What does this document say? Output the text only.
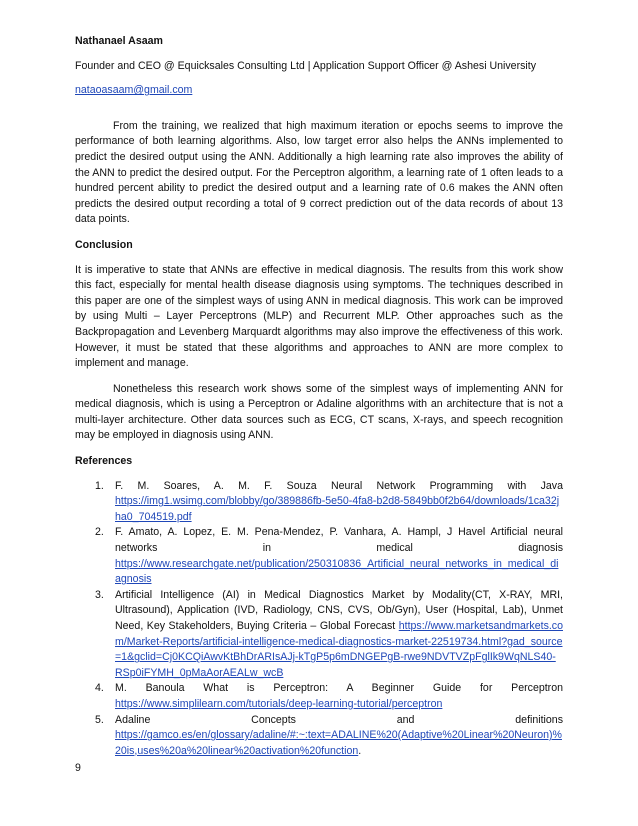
Nathanael Asaam
Founder and CEO @ Equicksales Consulting Ltd | Application Support Officer @ Ashesi University
nataoasaam@gmail.com

From the training, we realized that high maximum iteration or epochs seems to improve the performance of both learning algorithms. Also, low target error also helps the ANNs implemented to predict the desired output using the ANN. Additionally a high learning rate also improves the ability of the ANN to predict the desired output. For the Perceptron algorithm, a learning rate of 1 often leads to a hundred percent ability to predict the desired output and a learning rate of 0.6 makes the ANN often predicts the desired output recording a total of 9 correct prediction out of the data records of about 13 data points.

Conclusion

It is imperative to state that ANNs are effective in medical diagnosis. The results from this work show this fact, especially for mental health disease diagnosis using symptoms. The techniques described in this paper are one of the simplest ways of using ANN in medical diagnosis. This work can be improved by using Multi – Layer Perceptrons (MLP) and Recurrent MLP. Other approaches such as the Backpropagation and Levenberg Marquardt algorithms may also improve the effectiveness of this work. However, it must be stated that these algorithms and approaches to ANN are more complex to implement and manage.

Nonetheless this research work shows some of the simplest ways of implementing ANN for medical diagnosis, which is using a Perceptron or Adaline algorithms with an architecture that is not a multi-layer architecture. Other data sources such as ECG, CT scans, X-rays, and speech recognition may be employed in diagnosis using ANN.

References
1. F. M. Soares, A. M. F. Souza Neural Network Programming with Java
https://img1.wsimg.com/blobby/go/389886fb-5e50-4fa8-b2d8-5849bb0f2b64/downloads/1ca32jha0_704519.pdf
2. F. Amato, A. Lopez, E. M. Pena-Mendez, P. Vanhara, A. Hampl, J Havel Artificial neural networks in medical diagnosis
https://www.researchgate.net/publication/250310836_Artificial_neural_networks_in_medical_diagnosis
3. Artificial Intelligence (AI) in Medical Diagnostics Market by Modality(CT, X-RAY, MRI, Ultrasound), Application (IVD, Radiology, CNS, CVS, Ob/Gyn), User (Hospital, Lab), Unmet Need, Key Stakeholders, Buying Criteria – Global Forecast https://www.marketsandmarkets.com/Market-Reports/artificial-intelligence-medical-diagnostics-market-22519734.html?gad_source=1&gclid=Cj0KCQiAwvKtBhDrARIsAJj-kTgP5p6mDNGEPgB-rwe9NDVTVZpFglIk9WqNLS40-RSp0iFYMH_0pMaAorAEALw_wcB
4. M. Banoula What is Perceptron: A Beginner Guide for Perceptron
https://www.simplilearn.com/tutorials/deep-learning-tutorial/perceptron
5. Adaline Concepts and definitions
https://gamco.es/en/glossary/adaline/#:~:text=ADALINE%20(Adaptive%20Linear%20Neuron)%20is,uses%20a%20linear%20activation%20function.
9
